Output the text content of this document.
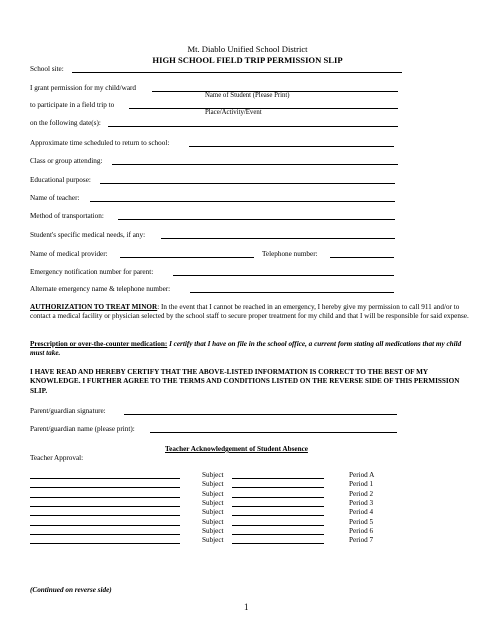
Mt. Diablo Unified School District
HIGH SCHOOL FIELD TRIP PERMISSION SLIP
School site:
I grant permission for my child/ward
Name of Student (Please Print)
to participate in a field trip to
Place/Activity/Event
on the following date(s):
Approximate time scheduled to return to school:
Class or group attending:
Educational purpose:
Name of teacher:
Method of transportation:
Student's specific medical needs, if any:
Name of medical provider:	Telephone number:
Emergency notification number for parent:
Alternate emergency name & telephone number:
AUTHORIZATION TO TREAT MINOR: In the event that I cannot be reached in an emergency, I hereby give my permission to call 911 and/or to contact a medical facility or physician selected by the school staff to secure proper treatment for my child and that I will be responsible for said expense.
Prescription or over-the-counter medication: I certify that I have on file in the school office, a current form stating all medications that my child must take.
I HAVE READ AND HEREBY CERTIFY THAT THE ABOVE-LISTED INFORMATION IS CORRECT TO THE BEST OF MY KNOWLEDGE. I FURTHER AGREE TO THE TERMS AND CONDITIONS LISTED ON THE REVERSE SIDE OF THIS PERMISSION SLIP.
Parent/guardian signature:
Parent/guardian name (please print):
Teacher Acknowledgement of Student Absence
Teacher Approval:
Subject	Period A
Subject	Period 1
Subject	Period 2
Subject	Period 3
Subject	Period 4
Subject	Period 5
Subject	Period 6
Subject	Period 7
(Continued on reverse side)
1
